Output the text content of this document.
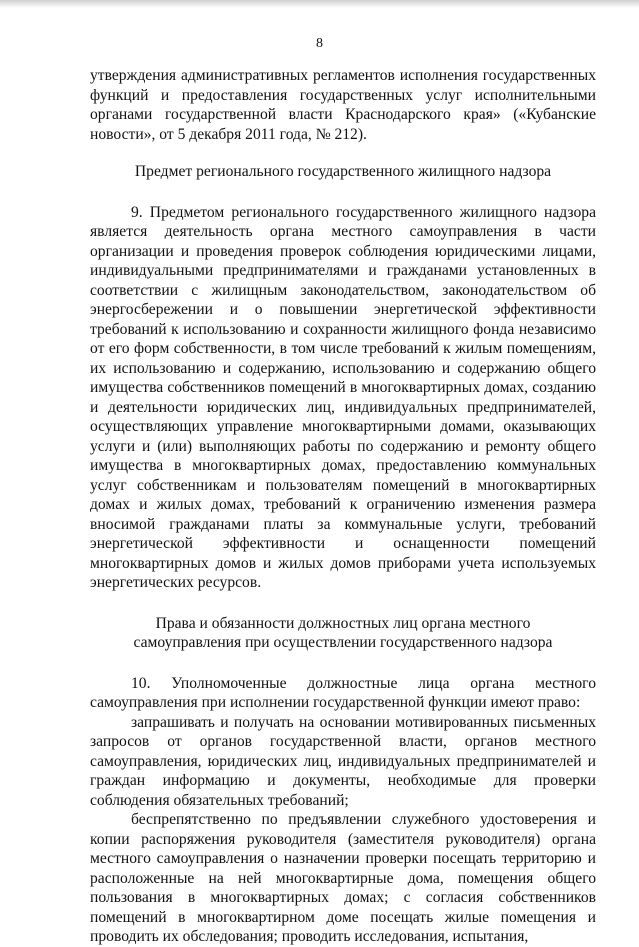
8

утверждения административных регламентов исполнения государственных функций и предоставления государственных услуг исполнительными органами государственной власти Краснодарского края» («Кубанские новости», от 5 декабря 2011 года, № 212).

Предмет регионального государственного жилищного надзора

9. Предметом регионального государственного жилищного надзора является деятельность органа местного самоуправления в части организации и проведения проверок соблюдения юридическими лицами, индивидуальными предпринимателями и гражданами установленных в соответствии с жилищным законодательством, законодательством об энергосбережении и о повышении энергетической эффективности требований к использованию и сохранности жилищного фонда независимо от его форм собственности, в том числе требований к жилым помещениям, их использованию и содержанию, использованию и содержанию общего имущества собственников помещений в многоквартирных домах, созданию и деятельности юридических лиц, индивидуальных предпринимателей, осуществляющих управление многоквартирными домами, оказывающих услуги и (или) выполняющих работы по содержанию и ремонту общего имущества в многоквартирных домах, предоставлению коммунальных услуг собственникам и пользователям помещений в многоквартирных домах и жилых домах, требований к ограничению изменения размера вносимой гражданами платы за коммунальные услуги, требований энергетической эффективности и оснащенности помещений многоквартирных домов и жилых домов приборами учета используемых энергетических ресурсов.

Права и обязанности должностных лиц органа местного
самоуправления при осуществлении государственного надзора

10. Уполномоченные должностные лица органа местного самоуправления при исполнении государственной функции имеют право:

запрашивать и получать на основании мотивированных письменных запросов от органов государственной власти, органов местного самоуправления, юридических лиц, индивидуальных предпринимателей и граждан информацию и документы, необходимые для проверки соблюдения обязательных требований;

беспрепятственно по предъявлении служебного удостоверения и копии распоряжения руководителя (заместителя руководителя) органа местного самоуправления о назначении проверки посещать территорию и расположенные на ней многоквартирные дома, помещения общего пользования в многоквартирных домах; с согласия собственников помещений в многоквартирном доме посещать жилые помещения и проводить их обследования; проводить исследования, испытания,
